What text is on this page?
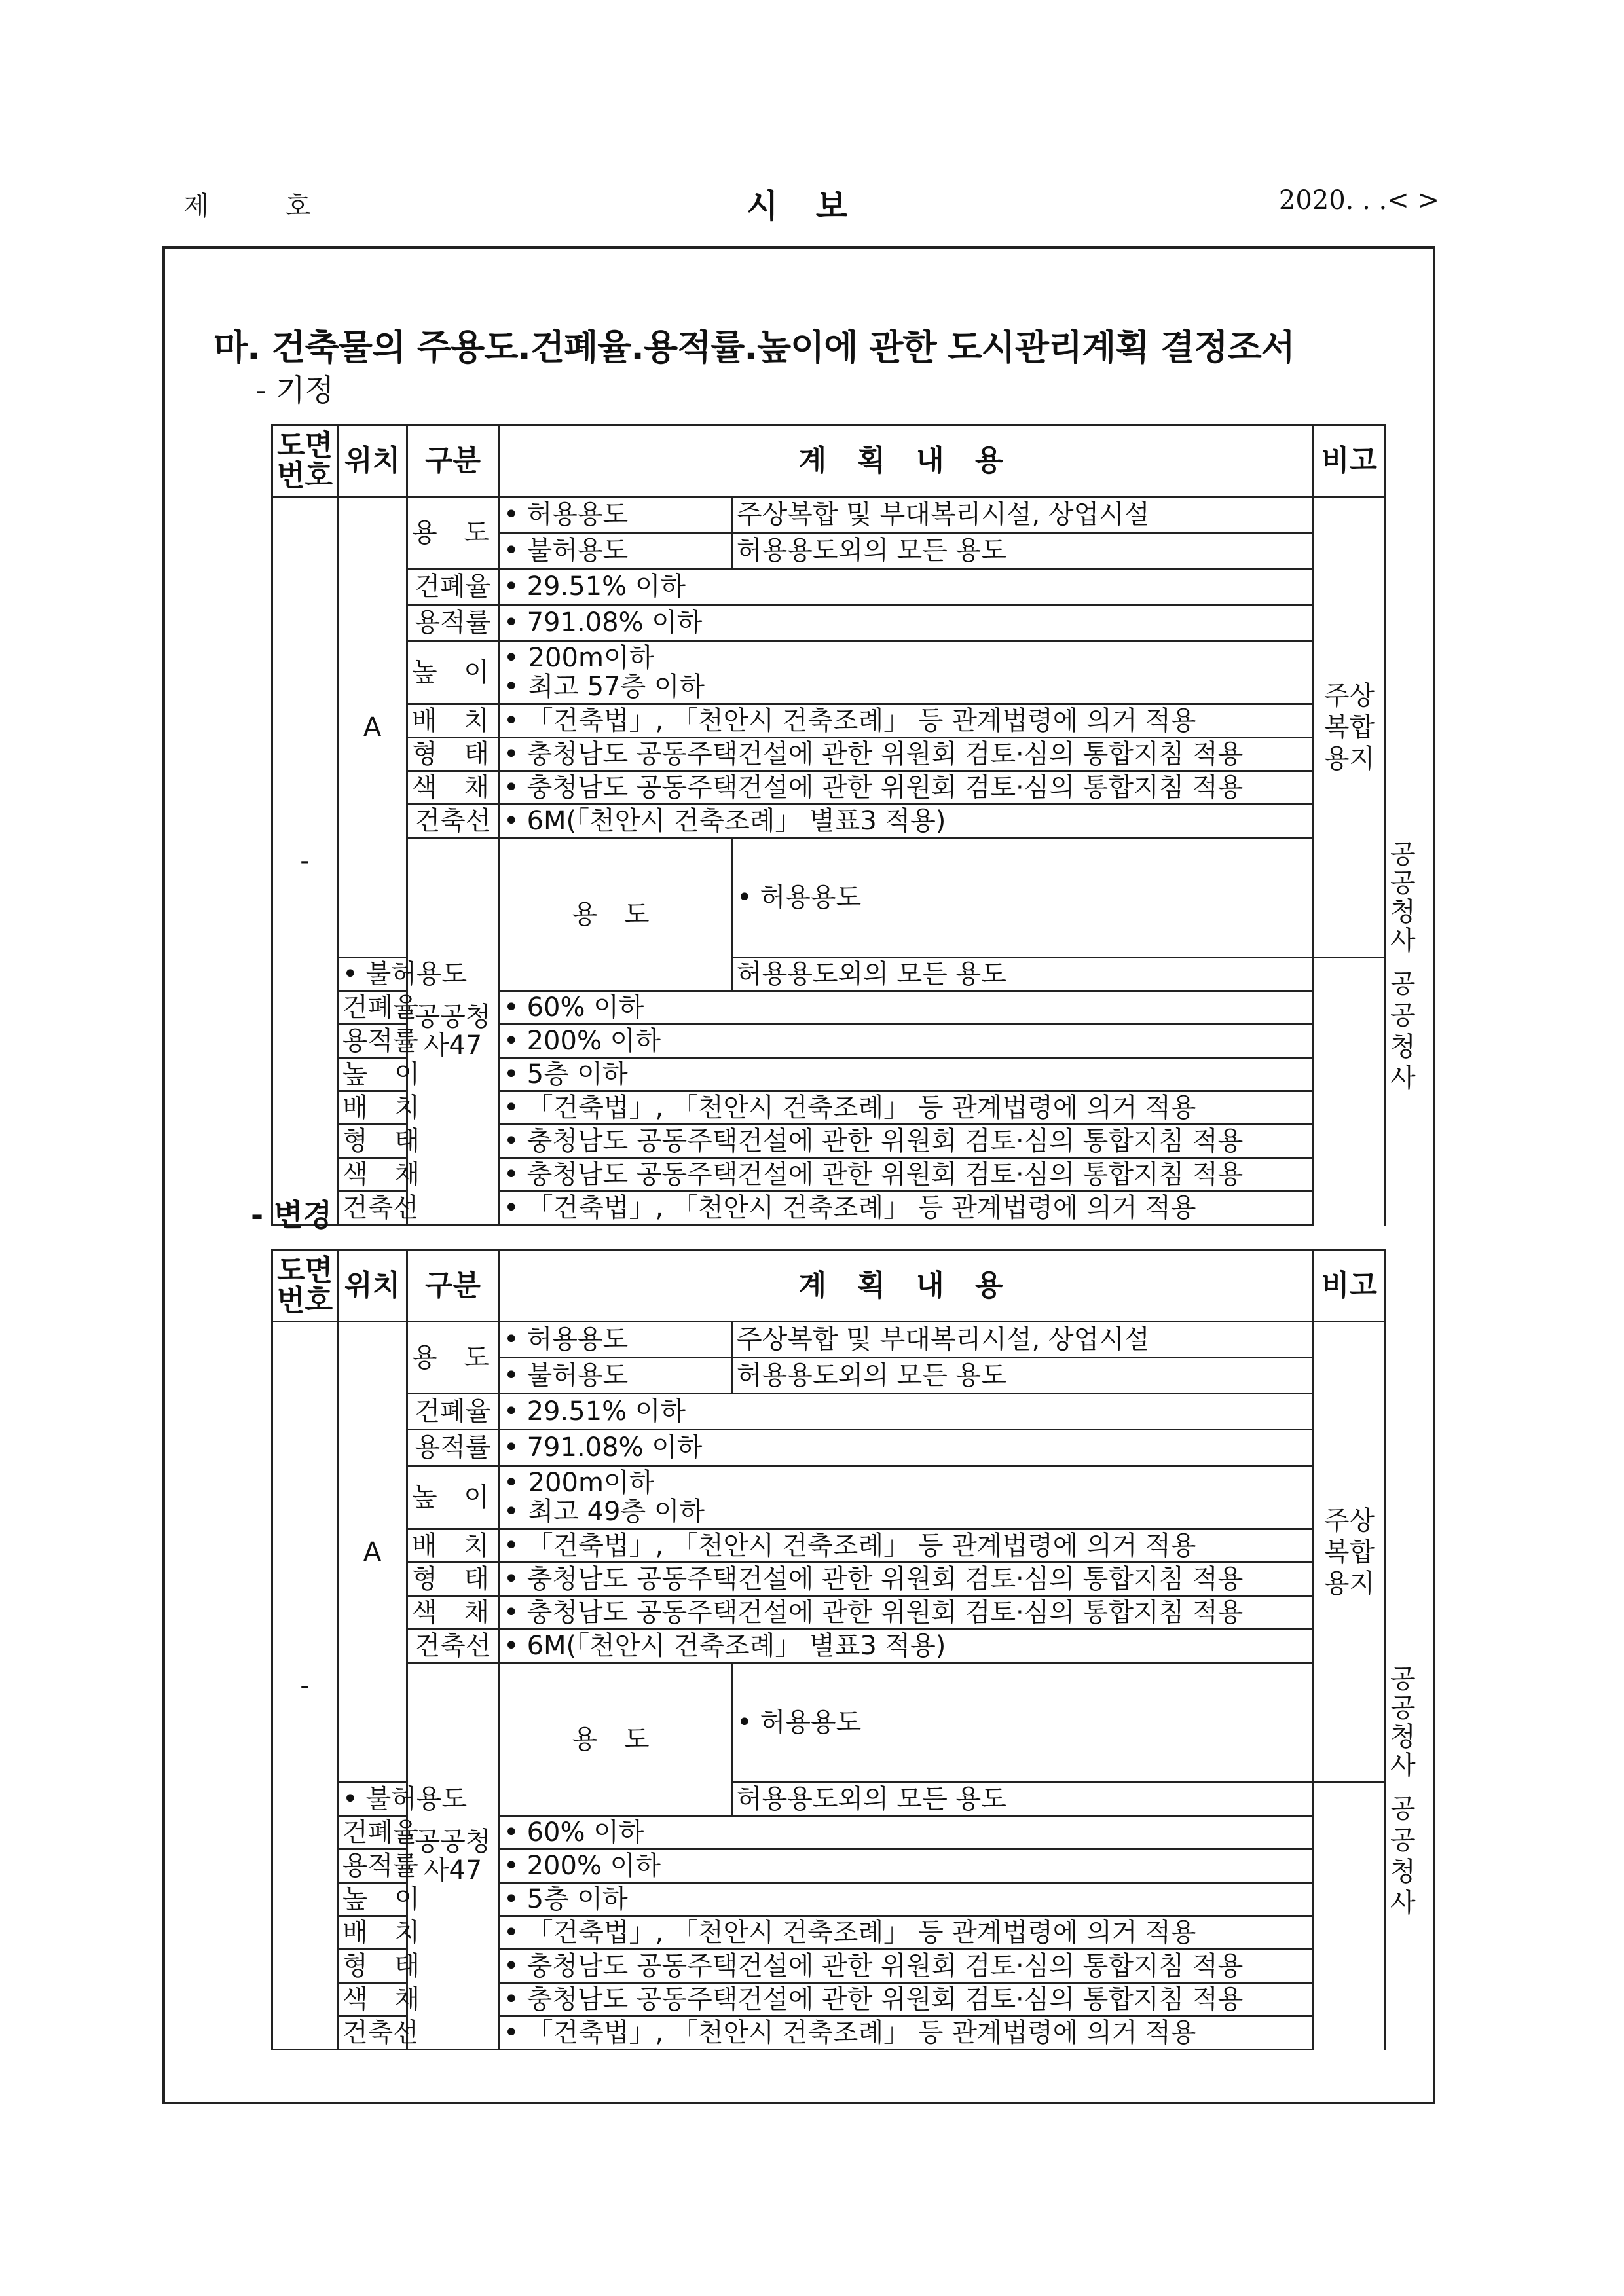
제	호	시 보	2020. . .< >
마. 건축물의 주용도.건폐율.용적률.높이에 관한 도시관리계획 결정조서
- 기정
도면번호	위치	구분	계 획 내 용		비고	
-	A	용 도	• 허용용도	주상복합 및 부대복리시설, 상업시설	주상복합용지	
			• 불허용도	허용용도외의 모든 용도		
		건폐율	• 29.51% 이하
		용적률	• 791.08% 이하
		높 이	• 200m이하
• 최고 57층 이하

		배 치	• 「건축법」, 「천안시 건축조례」 등 관계법령에 의거 적용
		형 태	• 충청남도 공동주택건설에 관한 위원회 검토·심의 통합지침 적용
		색 채	• 충청남도 공동주택건설에 관한 위원회 검토·심의 통합지침 적용
		건축선	• 6M(「천안시 건축조례」 별표3 적용)
		공공청사47	용 도	• 허용용도		공공청사	공공청사
	• 불허용도			허용용도외의 모든 용도		
	건폐율		• 60% 이하
	용적률		• 200% 이하
	높 이		• 5층 이하
	배 치		• 「건축법」, 「천안시 건축조례」 등 관계법령에 의거 적용
	형 태		• 충청남도 공동주택건설에 관한 위원회 검토·심의 통합지침 적용
	색 채		• 충청남도 공동주택건설에 관한 위원회 검토·심의 통합지침 적용
	건축선		• 「건축법」, 「천안시 건축조례」 등 관계법령에 의거 적용
- 변경
도면번호	위치	구분	계 획 내 용		비고	
-	A	용 도	• 허용용도	주상복합 및 부대복리시설, 상업시설	주상복합용지	
			• 불허용도	허용용도외의 모든 용도		
		건폐율	• 29.51% 이하
		용적률	• 791.08% 이하
		높 이	• 200m이하
• 최고 49층 이하

		배 치	• 「건축법」, 「천안시 건축조례」 등 관계법령에 의거 적용
		형 태	• 충청남도 공동주택건설에 관한 위원회 검토·심의 통합지침 적용
		색 채	• 충청남도 공동주택건설에 관한 위원회 검토·심의 통합지침 적용
		건축선	• 6M(「천안시 건축조례」 별표3 적용)
		공공청사47	용 도	• 허용용도		공공청사	공공청사
	• 불허용도			허용용도외의 모든 용도		
	건폐율		• 60% 이하
	용적률		• 200% 이하
	높 이		• 5층 이하
	배 치		• 「건축법」, 「천안시 건축조례」 등 관계법령에 의거 적용
	형 태		• 충청남도 공동주택건설에 관한 위원회 검토·심의 통합지침 적용
	색 채		• 충청남도 공동주택건설에 관한 위원회 검토·심의 통합지침 적용
	건축선		• 「건축법」, 「천안시 건축조례」 등 관계법령에 의거 적용
